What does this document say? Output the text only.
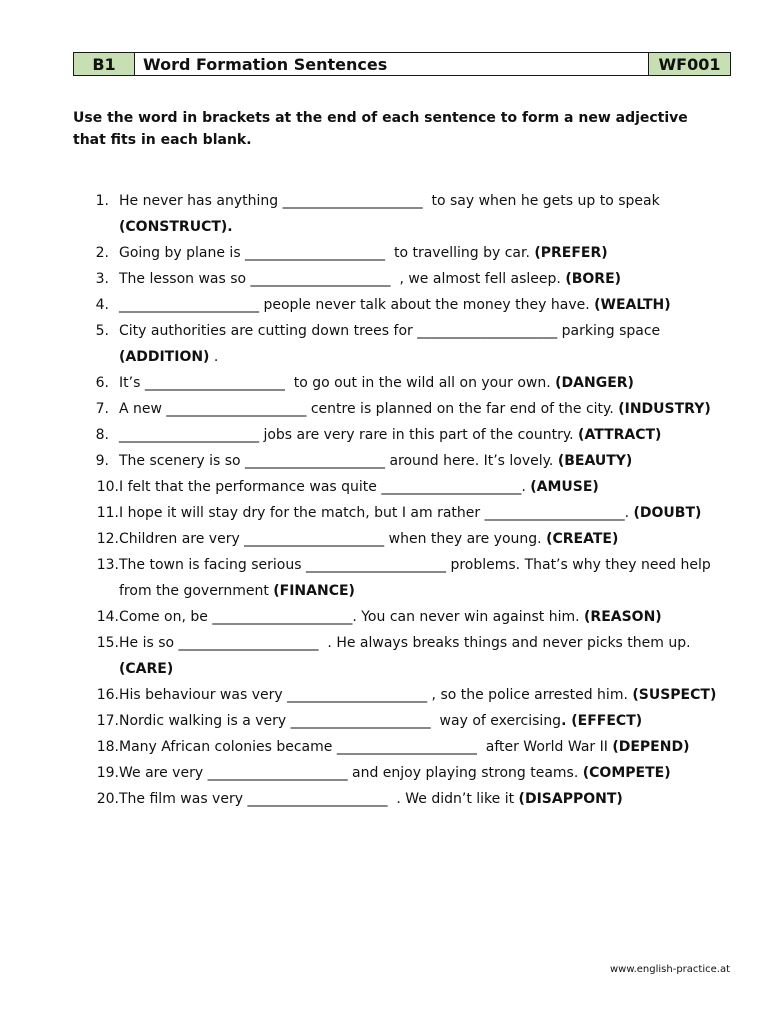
B1	Word Formation Sentences	WF001
Use the word in brackets at the end of each sentence to form a new adjective that fits in each blank.
1. He never has anything ____________________  to say when he gets up to speak (CONSTRUCT).
2. Going by plane is ____________________  to travelling by car. (PREFER)
3. The lesson was so ____________________  , we almost fell asleep. (BORE)
4. ____________________ people never talk about the money they have. (WEALTH)
5. City authorities are cutting down trees for ____________________ parking space (ADDITION) .
6. It’s ____________________  to go out in the wild all on your own. (DANGER)
7. A new ____________________ centre is planned on the far end of the city. (INDUSTRY)
8. ____________________ jobs are very rare in this part of the country. (ATTRACT)
9. The scenery is so ____________________ around here. It’s lovely. (BEAUTY)
10. I felt that the performance was quite ____________________. (AMUSE)
11. I hope it will stay dry for the match, but I am rather ____________________. (DOUBT)
12. Children are very ____________________ when they are young. (CREATE)
13. The town is facing serious ____________________ problems. That’s why they need help from the government (FINANCE)
14. Come on, be ____________________. You can never win against him. (REASON)
15. He is so ____________________  . He always breaks things and never picks them up. (CARE)
16. His behaviour was very ____________________ , so the police arrested him. (SUSPECT)
17. Nordic walking is a very ____________________  way of exercising. (EFFECT)
18. Many African colonies became ____________________  after World War II (DEPEND)
19. We are very ____________________ and enjoy playing strong teams. (COMPETE)
20. The film was very ____________________  . We didn’t like it (DISAPPONT)
www.english-practice.at
